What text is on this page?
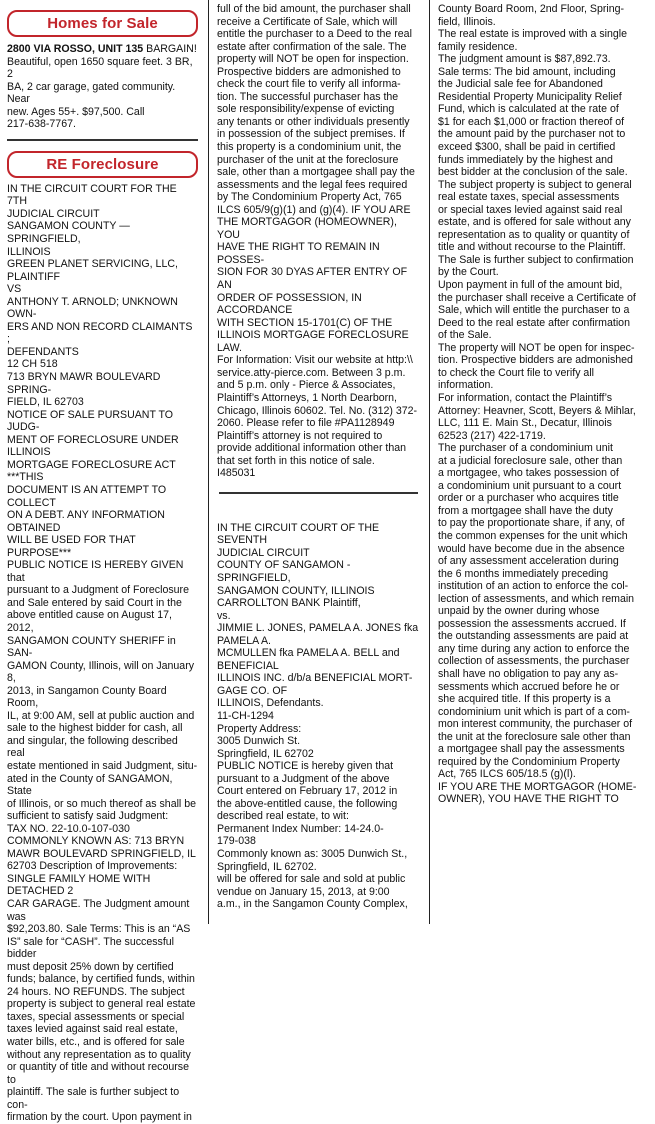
Homes for Sale

2800 VIA ROSSO, UNIT 135 BARGAIN!
Beautiful, open 1650 square feet. 3 BR, 2
BA, 2 car garage, gated community. Near
new. Ages 55+. $97,500. Call
217-638-7767.

RE Foreclosure

IN THE CIRCUIT COURT FOR THE 7TH
JUDICIAL CIRCUIT
SANGAMON COUNTY — SPRINGFIELD,
ILLINOIS
GREEN PLANET SERVICING, LLC,
PLAINTIFF
VS
ANTHONY T. ARNOLD; UNKNOWN OWN-
ERS AND NON RECORD CLAIMANTS ;
DEFENDANTS
12 CH 518
713 BRYN MAWR BOULEVARD SPRING-
FIELD, IL 62703
NOTICE OF SALE PURSUANT TO JUDG-
MENT OF FORECLOSURE UNDER ILLINOIS
MORTGAGE FORECLOSURE ACT ***THIS
DOCUMENT IS AN ATTEMPT TO COLLECT
ON A DEBT. ANY INFORMATION OBTAINED
WILL BE USED FOR THAT PURPOSE***
PUBLIC NOTICE IS HEREBY GIVEN that
pursuant to a Judgment of Foreclosure
and Sale entered by said Court in the
above entitled cause on August 17, 2012,
SANGAMON COUNTY SHERIFF in SAN-
GAMON County, Illinois, will on January 8,
2013, in Sangamon County Board Room,
IL, at 9:00 AM, sell at public auction and
sale to the highest bidder for cash, all
and singular, the following described real
estate mentioned in said Judgment, situ-
ated in the County of SANGAMON, State
of Illinois, or so much thereof as shall be
sufficient to satisfy said Judgment:
TAX NO. 22-10.0-107-030
COMMONLY KNOWN AS: 713 BRYN
MAWR BOULEVARD SPRINGFIELD, IL
62703 Description of Improvements:
SINGLE FAMILY HOME WITH DETACHED 2
CAR GARAGE. The Judgment amount was
$92,203.80. Sale Terms: This is an “AS
IS” sale for “CASH”. The successful bidder
must deposit 25% down by certified
funds; balance, by certified funds, within
24 hours. NO REFUNDS. The subject
property is subject to general real estate
taxes, special assessments or special
taxes levied against said real estate,
water bills, etc., and is offered for sale
without any representation as to quality
or quantity of title and without recourse to
plaintiff. The sale is further subject to con-
firmation by the court. Upon payment in

full of the bid amount, the purchaser shall
receive a Certificate of Sale, which will
entitle the purchaser to a Deed to the real
estate after confirmation of the sale. The
property will NOT be open for inspection.
Prospective bidders are admonished to
check the court file to verify all informa-
tion. The successful purchaser has the
sole responsibility/expense of evicting
any tenants or other individuals presently
in possession of the subject premises. If
this property is a condominium unit, the
purchaser of the unit at the foreclosure
sale, other than a mortgagee shall pay the
assessments and the legal fees required
by The Condominium Property Act, 765
ILCS 605/9(g)(1) and (g)(4). IF YOU ARE
THE MORTGAGOR (HOMEOWNER), YOU
HAVE THE RIGHT TO REMAIN IN POSSES-
SION FOR 30 DYAS AFTER ENTRY OF AN
ORDER OF POSSESSION, IN ACCORDANCE
WITH SECTION 15-1701(C) OF THE
ILLINOIS MORTGAGE FORECLOSURE LAW.
For Information: Visit our website at http:\\
service.atty-pierce.com. Between 3 p.m.
and 5 p.m. only - Pierce & Associates,
Plaintiff’s Attorneys, 1 North Dearborn,
Chicago, Illinois 60602. Tel. No. (312) 372-
2060. Please refer to file #PA1128949
Plaintiff’s attorney is not required to
provide additional information other than
that set forth in this notice of sale.
I485031

IN THE CIRCUIT COURT OF THE SEVENTH
JUDICIAL CIRCUIT
COUNTY OF SANGAMON - SPRINGFIELD,
SANGAMON COUNTY, ILLINOIS
CARROLLTON BANK Plaintiff,
vs.
JIMMIE L. JONES, PAMELA A. JONES fka
PAMELA A.
MCMULLEN fka PAMELA A. BELL and
BENEFICIAL
ILLINOIS INC. d/b/a BENEFICIAL MORT-
GAGE CO. OF
ILLINOIS, Defendants.
11-CH-1294
Property Address:
3005 Dunwich St.
Springfield, IL 62702
PUBLIC NOTICE is hereby given that
pursuant to a Judgment of the above
Court entered on February 17, 2012 in
the above-entitled cause, the following
described real estate, to wit:
Permanent Index Number: 14-24.0-
179-038
Commonly known as: 3005 Dunwich St.,
Springfield, IL 62702.
will be offered for sale and sold at public
vendue on January 15, 2013, at 9:00
a.m., in the Sangamon County Complex,

County Board Room, 2nd Floor, Spring-
field, Illinois.
The real estate is improved with a single
family residence.
The judgment amount is $87,892.73.
Sale terms: The bid amount, including
the Judicial sale fee for Abandoned
Residential Property Municipality Relief
Fund, which is calculated at the rate of
$1 for each $1,000 or fraction thereof of
the amount paid by the purchaser not to
exceed $300, shall be paid in certified
funds immediately by the highest and
best bidder at the conclusion of the sale.
The subject property is subject to general
real estate taxes, special assessments
or special taxes levied against said real
estate, and is offered for sale without any
representation as to quality or quantity of
title and without recourse to the Plaintiff.
The Sale is further subject to confirmation
by the Court.
Upon payment in full of the amount bid,
the purchaser shall receive a Certificate of
Sale, which will entitle the purchaser to a
Deed to the real estate after confirmation
of the Sale.
The property will NOT be open for inspec-
tion. Prospective bidders are admonished
to check the Court file to verify all
information.
For information, contact the Plaintiff’s
Attorney: Heavner, Scott, Beyers & Mihlar,
LLC, 111 E. Main St., Decatur, Illinois
62523 (217) 422-1719.
The purchaser of a condominium unit
at a judicial foreclosure sale, other than
a mortgagee, who takes possession of
a condominium unit pursuant to a court
order or a purchaser who acquires title
from a mortgagee shall have the duty
to pay the proportionate share, if any, of
the common expenses for the unit which
would have become due in the absence
of any assessment acceleration during
the 6 months immediately preceding
institution of an action to enforce the col-
lection of assessments, and which remain
unpaid by the owner during whose
possession the assessments accrued. If
the outstanding assessments are paid at
any time during any action to enforce the
collection of assessments, the purchaser
shall have no obligation to pay any as-
sessments which accrued before he or
she acquired title. If this property is a
condominium unit which is part of a com-
mon interest community, the purchaser of
the unit at the foreclosure sale other than
a mortgagee shall pay the assessments
required by the Condominium Property
Act, 765 ILCS 605/18.5 (g)(l).
IF YOU ARE THE MORTGAGOR (HOME-
OWNER), YOU HAVE THE RIGHT TO
